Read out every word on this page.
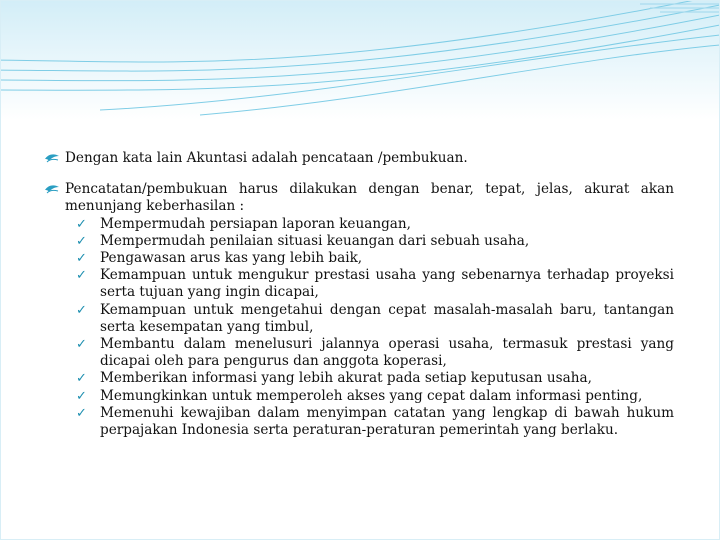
Dengan kata lain Akuntasi adalah pencataan /pembukuan.
Pencatatan/pembukuan harus dilakukan dengan benar, tepat, jelas, akurat akan menunjang keberhasilan :
✓ Mempermudah persiapan laporan keuangan,
✓ Mempermudah penilaian situasi keuangan dari sebuah usaha,
✓ Pengawasan arus kas yang lebih baik,
✓ Kemampuan untuk mengukur prestasi usaha yang sebenarnya terhadap proyeksi serta tujuan yang ingin dicapai,
✓ Kemampuan untuk mengetahui dengan cepat masalah-masalah baru, tantangan serta kesempatan yang timbul,
✓ Membantu dalam menelusuri jalannya operasi usaha, termasuk prestasi yang dicapai oleh para pengurus dan anggota koperasi,
✓ Memberikan informasi yang lebih akurat pada setiap keputusan usaha,
✓ Memungkinkan untuk memperoleh akses yang cepat dalam informasi penting,
✓ Memenuhi kewajiban dalam menyimpan catatan yang lengkap di bawah hukum perpajakan Indonesia serta peraturan-peraturan pemerintah yang berlaku.
